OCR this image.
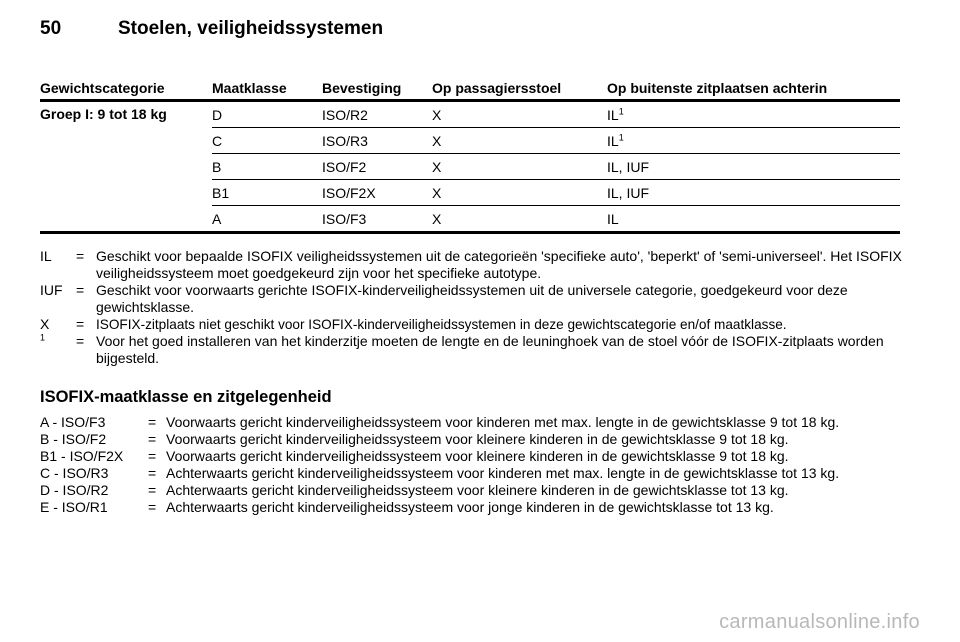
50	Stoelen, veiligheidssystemen
Gewichtscategorie	Maatklasse	Bevestiging	Op passagiersstoel	Op buitenste zitplaatsen achterin
Groep I: 9 tot 18 kg	D	ISO/R2	X	$IL^1$
	C	ISO/R3	X	$IL^1$
	B	ISO/F2	X	IL, IUF
	B1	ISO/F2X	X	IL, IUF
	A	ISO/F3	X	IL
IL	= Geschikt voor bepaalde ISOFIX veiligheidssystemen uit de categorieën 'specifieke auto', 'beperkt' of 'semi-universeel'. Het ISOFIX veiligheidssysteem moet goedgekeurd zijn voor het specifieke autotype.
IUF = Geschikt voor voorwaarts gerichte ISOFIX-kinderveiligheidssystemen uit de universele categorie, goedgekeurd voor deze gewichtsklasse.
X	= ISOFIX-zitplaats niet geschikt voor ISOFIX-kinderveiligheidssystemen in deze gewichtscategorie en/of maatklasse.
$^1$	= Voor het goed installeren van het kinderzitje moeten de lengte en de leuninghoek van de stoel vóór de ISOFIX-zitplaats worden bijgesteld.
ISOFIX-maatklasse en zitgelegenheid
A - ISO/F3	= Voorwaarts gericht kinderveiligheidssysteem voor kinderen met max. lengte in de gewichtsklasse 9 tot 18 kg.
B - ISO/F2	= Voorwaarts gericht kinderveiligheidssysteem voor kleinere kinderen in de gewichtsklasse 9 tot 18 kg.
B1 - ISO/F2X	= Voorwaarts gericht kinderveiligheidssysteem voor kleinere kinderen in de gewichtsklasse 9 tot 18 kg.
C - ISO/R3	= Achterwaarts gericht kinderveiligheidssysteem voor kinderen met max. lengte in de gewichtsklasse tot 13 kg.
D - ISO/R2	= Achterwaarts gericht kinderveiligheidssysteem voor kleinere kinderen in de gewichtsklasse tot 13 kg.
E - ISO/R1	= Achterwaarts gericht kinderveiligheidssysteem voor jonge kinderen in de gewichtsklasse tot 13 kg.
carmanualsonline.info
